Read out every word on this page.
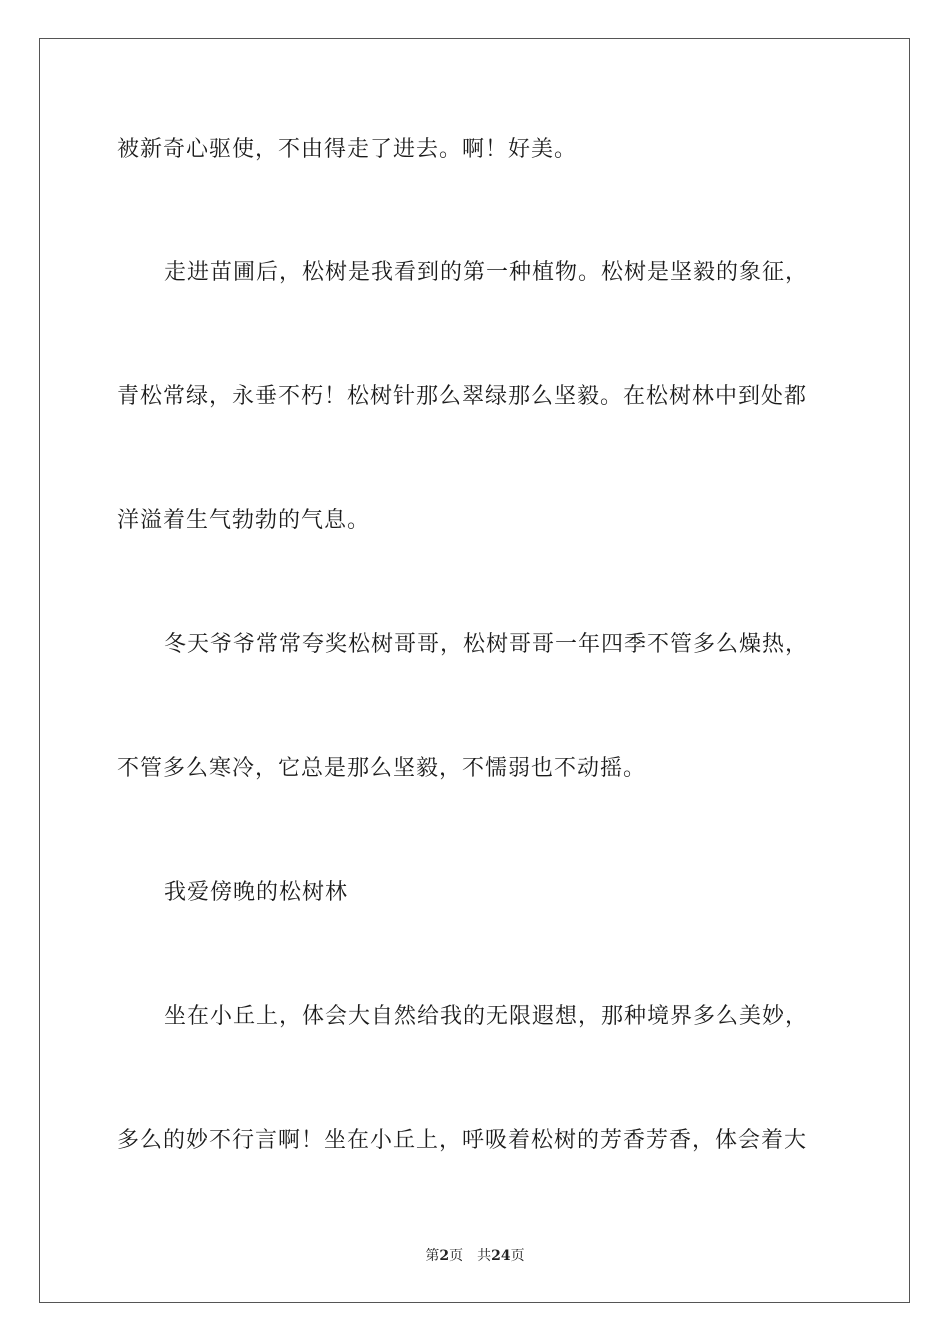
被新奇心驱使，不由得走了进去。啊！好美。
走进苗圃后，松树是我看到的第一种植物。松树是坚毅的象征，
青松常绿，永垂不朽！松树针那么翠绿那么坚毅。在松树林中到处都
洋溢着生气勃勃的气息。
冬天爷爷常常夸奖松树哥哥，松树哥哥一年四季不管多么燥热，
不管多么寒冷，它总是那么坚毅，不懦弱也不动摇。
我爱傍晚的松树林
坐在小丘上，体会大自然给我的无限遐想，那种境界多么美妙，
多么的妙不行言啊！坐在小丘上，呼吸着松树的芳香芳香，体会着大
第2页 共24页
